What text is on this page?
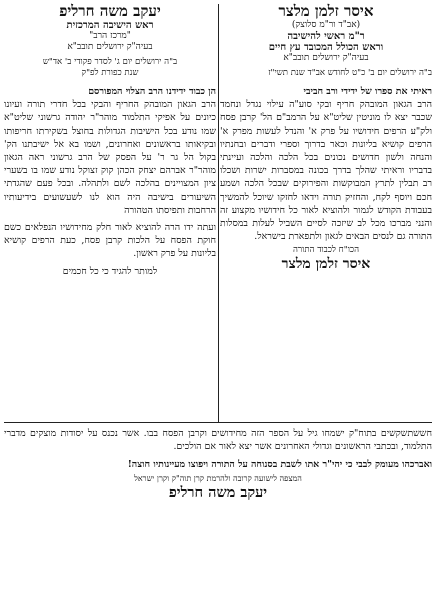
איסר זלמן מלצר
(אב"ד ור"מ סלוצק)
ר"מ ראשי להישיבה
וראש הכולל המכובד עץ חיים
בעיה"ק ירושלים תובב"א
ב"ה ירושלים יום ב' כ"ט לחודש אב"ד שנת תשי"ז

ראיתי את ספרו של ידידי ורב חביבי

הרב הגאון המובהק חריף ובקי סוע"ה עילוי נגדל ונחמד שכבר יצא לו מוניטין שליט"א על הרמב"ם הל' קרבן פסח ולק"ע הרפים חידושיו על פרק א' והנדל לעשות מפרק א' הרפים קושיא בליונות וכאר בדרוך וספרי ודברים ובחנתיו והנחה ולשון חדושים נכונים בכל הלכה והלכה ועיינתי בדבריו וראיתי שהלך בדרך בכונה במסברות ישרות ושכלו רב תבלין לתרץ המבוקשות והפירוקים שבכל הלכה ושמע חכם ויוסף לקח, והחזיק תורה וידאו לחזקו שיוכל להמשיך בעבודת הקודש לגמור ולהוציא לאור כל חידושיו מקצוע זה והנני מברכו מכל לב שיזכה לסיים השביל לעלות במסלות התורה גם לנסים הבאים לגאון ולתפארת בישראל.

הכו"ח לכבוד התורה
איסר זלמן מלצר
יעקב משה חרליפ
ראש הישיבה המרכזית
"מרכז הרב"
בעיה"ק ירושלים תובב"א
ב"ה ירושלים יום ג' לסדר פקודי ב' אד"ש
שנת כפורת לפ"ק

הן כבוד ידידנו הרב הצלוי המפורסם

הרב הגאון המובהק החריף והבקי בכל חדרי תורה ועיונו כיונים על אפיקי התלמוד מוהר"ר יהודה גרשוני שליט"א שמו נודע בכל הישיבות הגדולות בחוצל בשקירתו חריפותו ובקיאותו בראשונים ואחרונים, ושמו בא אל ישיבתנו הק' בקול הל גר ר' על הפסק של הרב גרשוני ראה הגאון מוהר"ר אברהם יצחק הכהן קוק זצוקל נודע שמו בו בשערי ציון המצויינים בהלכה לשם ולתהלה. ובכל פעם שהגדתי השיעורים בישיבה היה הוא לנו לשעשועים בידיעותיו הרחבות ותפיסתו הטהורה

ועתה ידו הרה להוציא לאור חלק מחידושיו הנפלאים כשם חוקת הפסח על הלכות קרבן פסח, כעת הרפים קושיא בליונות על פרק ראשון.

למותר להגיד כי כל חכמים

חששתשקשים בתוח"ק ישמחו גיל על הספר הזה מחידושים וקרבן הפסח בבו. אשר נכנס על יסודות מוצקים מדברי התלמוד, ובכתבי הראשונים וגדולי האחרונים אשר יצא לאור אם הולכים.
ואברכהו מעומק לבבי כי יהי"ר אתו לשבת בסנוחה על התורה ויפוצו מעיינותיו חוצה!
המצפה לישועה קרובה ולהרמת קרן תוה"ק וקרן ישראל
יעקב משה חרליפ
